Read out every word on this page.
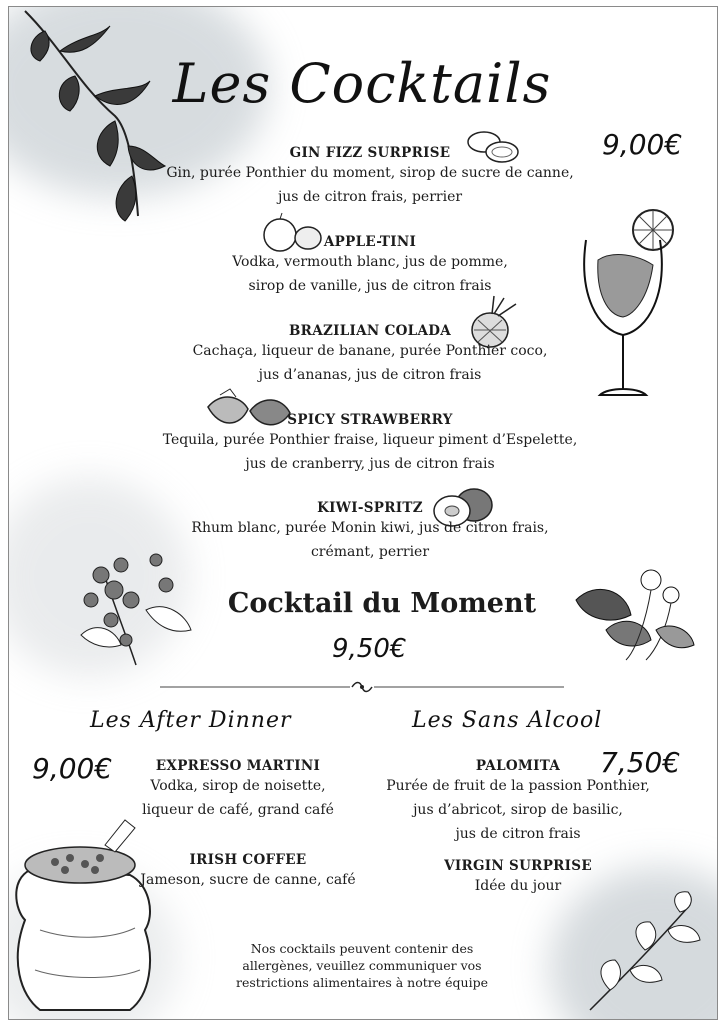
Les Cocktails
9,00€
GIN FIZZ SURPRISE
Gin, purée Ponthier du moment, sirop de sucre de canne,
jus de citron frais, perrier
APPLE-TINI
Vodka, vermouth blanc, jus de pomme,
sirop de vanille, jus de citron frais
BRAZILIAN COLADA
Cachaça, liqueur de banane, purée Ponthier coco,
jus d’ananas, jus de citron frais
SPICY STRAWBERRY
Tequila, purée Ponthier fraise, liqueur piment d’Espelette,
jus de cranberry, jus de citron frais
KIWI-SPRITZ
Rhum blanc, purée Monin kiwi, jus de citron frais,
crémant, perrier
Cocktail du Moment
9,50€
Les After Dinner	Les Sans Alcool
9,00€	7,50€
EXPRESSO MARTINI
Vodka, sirop de noisette,
liqueur de café, grand café
IRISH COFFEE
Jameson, sucre de canne, café
PALOMITA
Purée de fruit de la passion Ponthier,
jus d’abricot, sirop de basilic,
jus de citron frais
VIRGIN SURPRISE
Idée du jour
Nos cocktails peuvent contenir des
allergènes, veuillez communiquer vos
restrictions alimentaires à notre équipe
